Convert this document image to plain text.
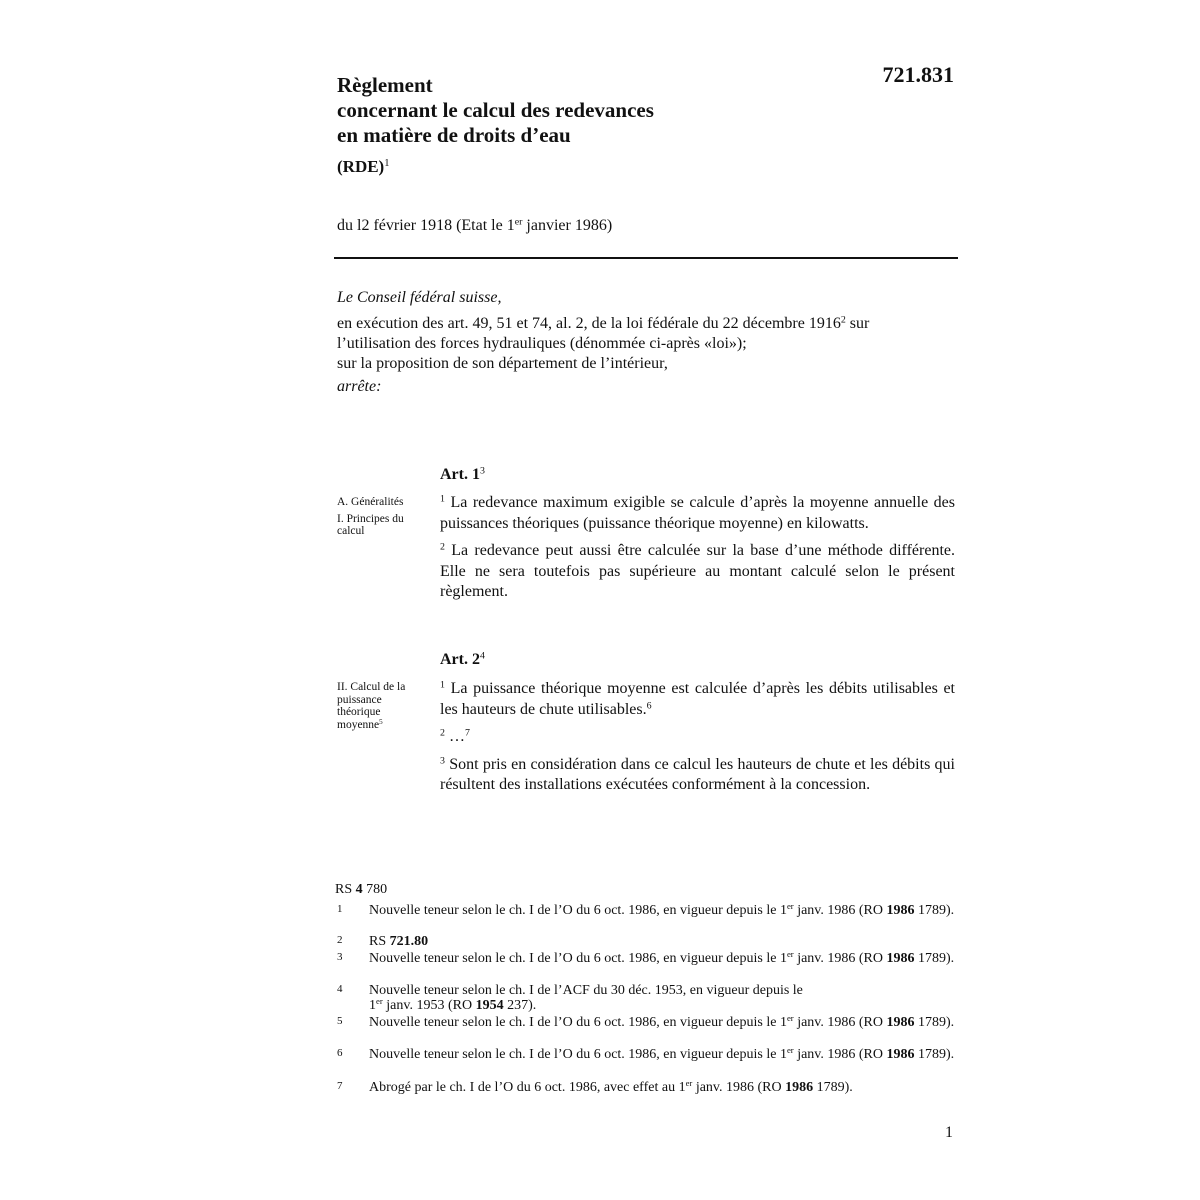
Règlement
concernant le calcul des redevances
en matière de droits d’eau
(RDE)$^1$
721.831
du l2 février 1918 (Etat le 1er janvier 1986)
Le Conseil fédéral suisse,
en exécution des art. 49, 51 et 74, al. 2, de la loi fédérale du 22 décembre 1916$^2$ sur
l’utilisation des forces hydrauliques (dénommée ci-après «loi»);
sur la proposition de son département de l’intérieur,
arrête:
Art. $1^3$
A. Généralités
I. Principes du calcul

$^1$ La redevance maximum exigible se calcule d’après la moyenne annuelle des puissances théoriques (puissance théorique moyenne) en kilowatts.

$^2$ La redevance peut aussi être calculée sur la base d’une méthode différente. Elle ne sera toutefois pas supérieure au montant calculé selon le présent règlement.

Art. $2^4$
II. Calcul de la puissance théorique moyenne$^5$

$^1$ La puissance théorique moyenne est calculée d’après les débits utilisables et les hauteurs de chute utilisables.$^6$

$^2$ …$^7$

$^3$ Sont pris en considération dans ce calcul les hauteurs de chute et les débits qui résultent des installations exécutées conformément à la concession.

RS 4 780
1 Nouvelle teneur selon le ch. I de l’O du 6 oct. 1986, en vigueur depuis le 1er janv. 1986 (RO 1986 1789).
2 RS 721.80
3 Nouvelle teneur selon le ch. I de l’O du 6 oct. 1986, en vigueur depuis le 1er janv. 1986 (RO 1986 1789).
4 Nouvelle teneur selon le ch. I de l’ACF du 30 déc. 1953, en vigueur depuis le
1er janv. 1953 (RO 1954 237).
5 Nouvelle teneur selon le ch. I de l’O du 6 oct. 1986, en vigueur depuis le 1er janv. 1986 (RO 1986 1789).
6 Nouvelle teneur selon le ch. I de l’O du 6 oct. 1986, en vigueur depuis le 1er janv. 1986 (RO 1986 1789).
7 Abrogé par le ch. I de l’O du 6 oct. 1986, avec effet au 1er janv. 1986 (RO 1986 1789).
1
